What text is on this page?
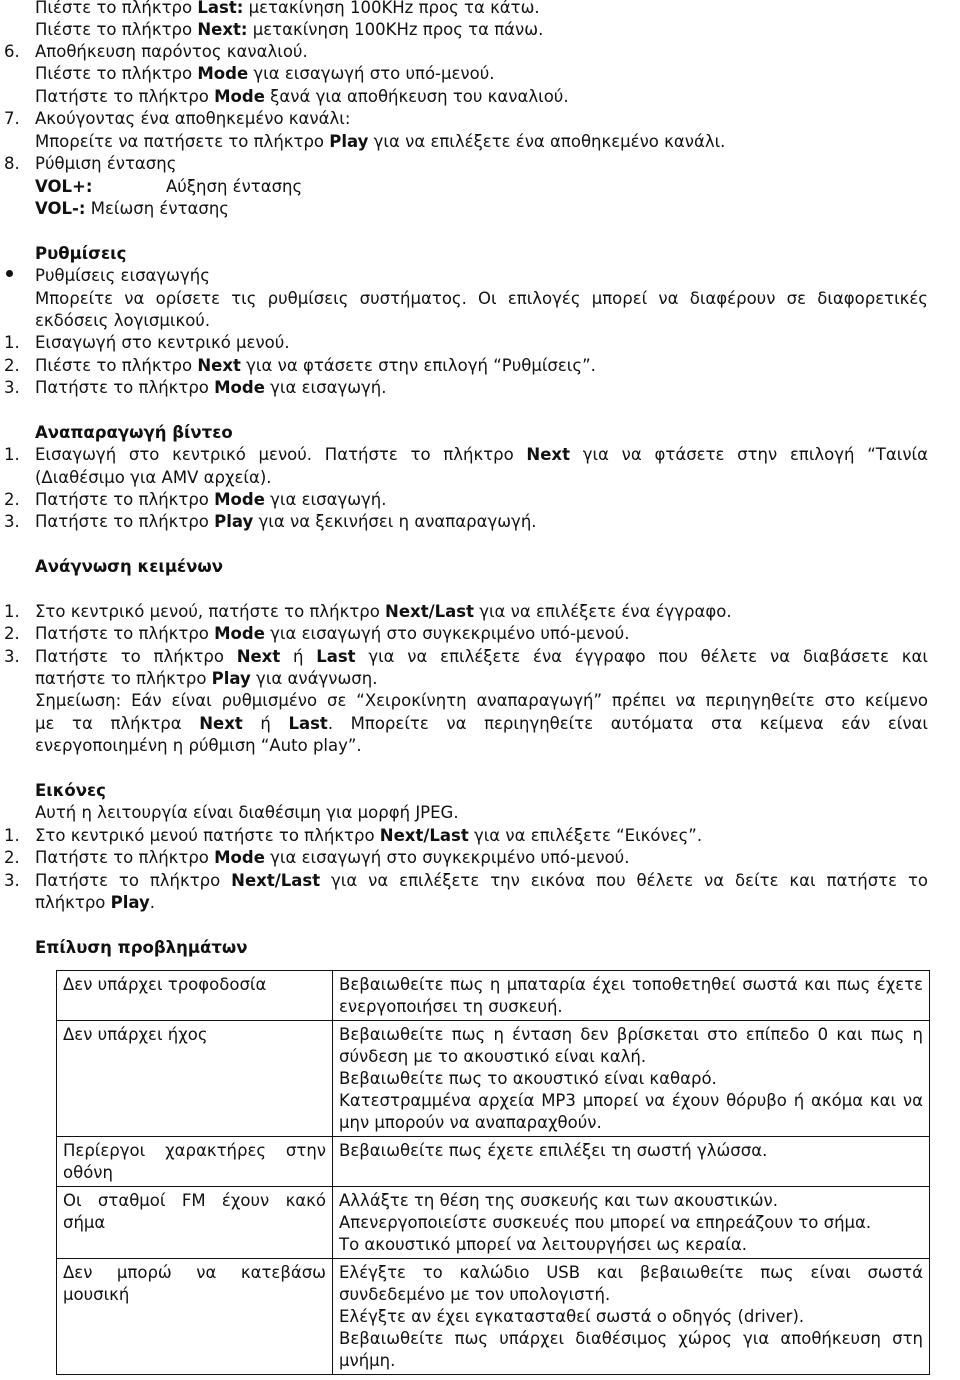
Πιέστε το πλήκτρο Last: μετακίνηση 100KHz προς τα κάτω.
Πιέστε το πλήκτρο Next: μετακίνηση 100KHz προς τα πάνω.
6. Αποθήκευση παρόντος καναλιού.
Πιέστε το πλήκτρο Mode για εισαγωγή στο υπό-μενού.
Πατήστε το πλήκτρο Mode ξανά για αποθήκευση του καναλιού.
7. Ακούγοντας ένα αποθηκεμένο κανάλι:
Μπορείτε να πατήσετε το πλήκτρο Play για να επιλέξετε ένα αποθηκεμένο κανάλι.
8. Ρύθμιση έντασης
VOL+:	Αύξηση έντασης
VOL-: Μείωση έντασης
Ρυθμίσεις
Ρυθμίσεις εισαγωγής
Μπορείτε να ορίσετε τις ρυθμίσεις συστήματος. Οι επιλογές μπορεί να διαφέρουν σε διαφορετικές
εκδόσεις λογισμικού.
1. Εισαγωγή στο κεντρικό μενού.
2. Πιέστε το πλήκτρο Next για να φτάσετε στην επιλογή “Ρυθμίσεις”.
3. Πατήστε το πλήκτρο Mode για εισαγωγή.
Αναπαραγωγή βίντεο
1. Εισαγωγή στο κεντρικό μενού. Πατήστε το πλήκτρο Next για να φτάσετε στην επιλογή “Ταινία
(Διαθέσιμο για AMV αρχεία).
2. Πατήστε το πλήκτρο Mode για εισαγωγή.
3. Πατήστε το πλήκτρο Play για να ξεκινήσει η αναπαραγωγή.
Ανάγνωση κειμένων
1. Στο κεντρικό μενού, πατήστε το πλήκτρο Next/Last για να επιλέξετε ένα έγγραφο.
2. Πατήστε το πλήκτρο Mode για εισαγωγή στο συγκεκριμένο υπό-μενού.
3. Πατήστε το πλήκτρο Next ή Last για να επιλέξετε ένα έγγραφο που θέλετε να διαβάσετε και
πατήστε το πλήκτρο Play για ανάγνωση.
Σημείωση: Εάν είναι ρυθμισμένο σε “Χειροκίνητη αναπαραγωγή” πρέπει να περιηγηθείτε στο κείμενο
με τα πλήκτρα Next ή Last. Μπορείτε να περιηγηθείτε αυτόματα στα κείμενα εάν είναι
ενεργοποιημένη η ρύθμιση “Auto play”.
Εικόνες
Αυτή η λειτουργία είναι διαθέσιμη για μορφή JPEG.
1. Στο κεντρικό μενού πατήστε το πλήκτρο Next/Last για να επιλέξετε “Εικόνες”.
2. Πατήστε το πλήκτρο Mode για εισαγωγή στο συγκεκριμένο υπό-μενού.
3. Πατήστε το πλήκτρο Next/Last για να επιλέξετε την εικόνα που θέλετε να δείτε και πατήστε το
πλήκτρο Play.
Επίλυση προβλημάτων
Δεν υπάρχει τροφοδοσία	Βεβαιωθείτε πως η μπαταρία έχει τοποθετηθεί σωστά και πως έχετε ενεργοποιήσει τη συσκευή.

Δεν υπάρχει ήχος	Βεβαιωθείτε πως η ένταση δεν βρίσκεται στο επίπεδο 0 και πως η σύνδεση με το ακουστικό είναι καλή.
Βεβαιωθείτε πως το ακουστικό είναι καθαρό.
Κατεστραμμένα αρχεία MP3 μπορεί να έχουν θόρυβο ή ακόμα και να μην μπορούν να αναπαραχθούν.

Περίεργοι χαρακτήρες στην οθόνη	Βεβαιωθείτε πως έχετε επιλέξει τη σωστή γλώσσα.

Οι σταθμοί FM έχουν κακό σήμα	Αλλάξτε τη θέση της συσκευής και των ακουστικών.
Απενεργοποιείστε συσκευές που μπορεί να επηρεάζουν το σήμα.
Το ακουστικό μπορεί να λειτουργήσει ως κεραία.

Δεν μπορώ να κατεβάσω μουσική	Ελέγξτε το καλώδιο USB και βεβαιωθείτε πως είναι σωστά συνδεδεμένο με τον υπολογιστή.
Ελέγξτε αν έχει εγκατασταθεί σωστά ο οδηγός (driver).
Βεβαιωθείτε πως υπάρχει διαθέσιμος χώρος για αποθήκευση στη μνήμη.
